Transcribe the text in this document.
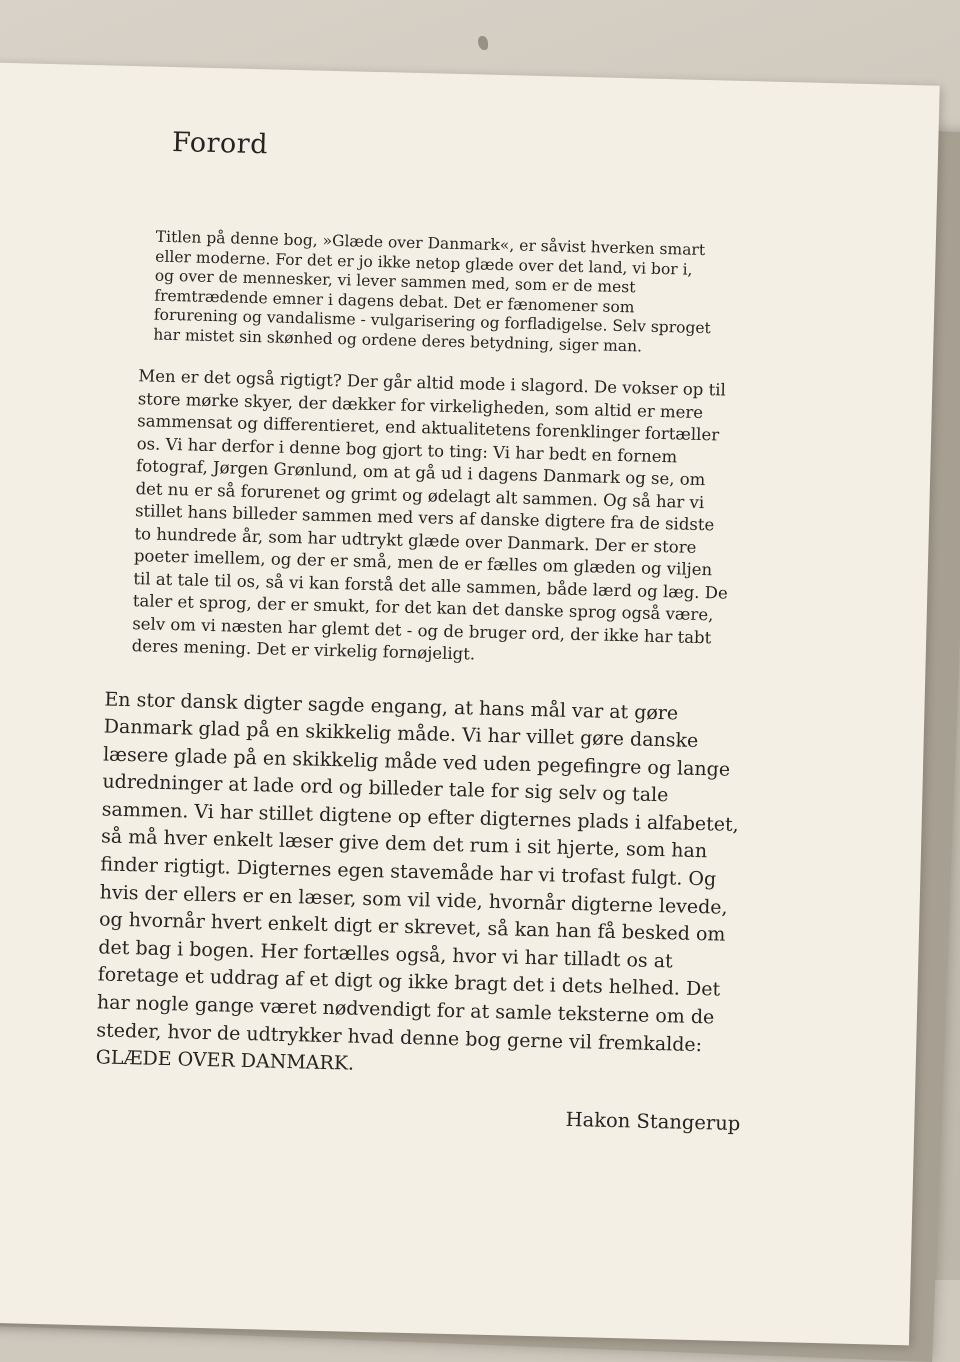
Forord

Titlen på denne bog, »Glæde over Danmark«, er såvist hverken smart eller moderne. For det er jo ikke netop glæde over det land, vi bor i, og over de mennesker, vi lever sammen med, som er de mest fremtrædende emner i dagens debat. Det er fænomener som forurening og vandalisme - vulgarisering og forfladigelse. Selv sproget har mistet sin skønhed og ordene deres betydning, siger man.

Men er det også rigtigt? Der går altid mode i slagord. De vokser op til store mørke skyer, der dækker for virkeligheden, som altid er mere sammensat og differentieret, end aktualitetens forenklinger fortæller os. Vi har derfor i denne bog gjort to ting: Vi har bedt en fornem fotograf, Jørgen Grønlund, om at gå ud i dagens Danmark og se, om det nu er så forurenet og grimt og ødelagt alt sammen. Og så har vi stillet hans billeder sammen med vers af danske digtere fra de sidste to hundrede år, som har udtrykt glæde over Danmark. Der er store poeter imellem, og der er små, men de er fælles om glæden og viljen til at tale til os, så vi kan forstå det alle sammen, både lærd og læg. De taler et sprog, der er smukt, for det kan det danske sprog også være, selv om vi næsten har glemt det - og de bruger ord, der ikke har tabt deres mening. Det er virkelig fornøjeligt.

En stor dansk digter sagde engang, at hans mål var at gøre Danmark glad på en skikkelig måde. Vi har villet gøre danske læsere glade på en skikkelig måde ved uden pegefingre og lange udredninger at lade ord og billeder tale for sig selv og tale sammen. Vi har stillet digtene op efter digternes plads i alfabetet, så må hver enkelt læser give dem det rum i sit hjerte, som han finder rigtigt. Digternes egen stavemåde har vi trofast fulgt. Og hvis der ellers er en læser, som vil vide, hvornår digterne levede, og hvornår hvert enkelt digt er skrevet, så kan han få besked om det bag i bogen. Her fortælles også, hvor vi har tilladt os at foretage et uddrag af et digt og ikke bragt det i dets helhed. Det har nogle gange været nødvendigt for at samle teksterne om de steder, hvor de udtrykker hvad denne bog gerne vil fremkalde: GLÆDE OVER DANMARK.

Hakon Stangerup
